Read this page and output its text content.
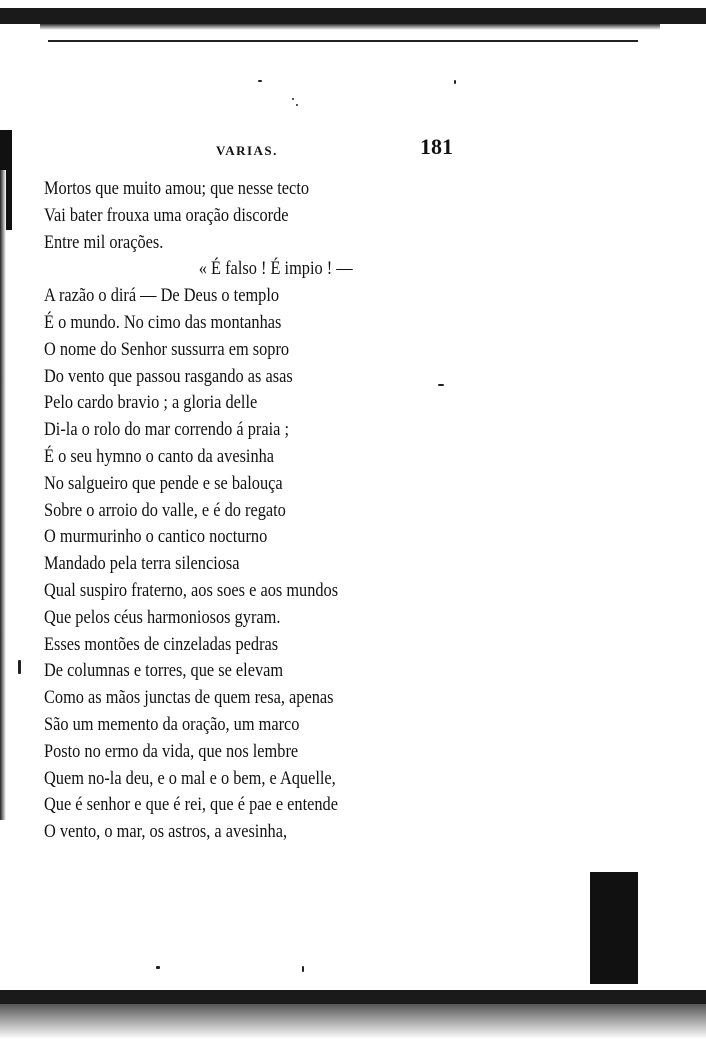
VARIAS.	181
Mortos que muito amou; que nesse tecto
Vai bater frouxa uma oração discorde
Entre mil orações.
« É falso ! É impio ! —
A razão o dirá — De Deus o templo
É o mundo. No cimo das montanhas
O nome do Senhor sussurra em sopro
Do vento que passou rasgando as asas
Pelo cardo bravio ; a gloria delle
Di-la o rolo do mar correndo á praia ;
É o seu hymno o canto da avesinha
No salgueiro que pende e se balouça
Sobre o arroio do valle, e é do regato
O murmurinho o cantico nocturno
Mandado pela terra silenciosa
Qual suspiro fraterno, aos soes e aos mundos
Que pelos céus harmoniosos gyram.
Esses montões de cinzeladas pedras
De columnas e torres, que se elevam
Como as mãos junctas de quem resa, apenas
São um memento da oração, um marco
Posto no ermo da vida, que nos lembre
Quem no-la deu, e o mal e o bem, e Aquelle,
Que é senhor e que é rei, que é pae e entende
O vento, o mar, os astros, a avesinha,
